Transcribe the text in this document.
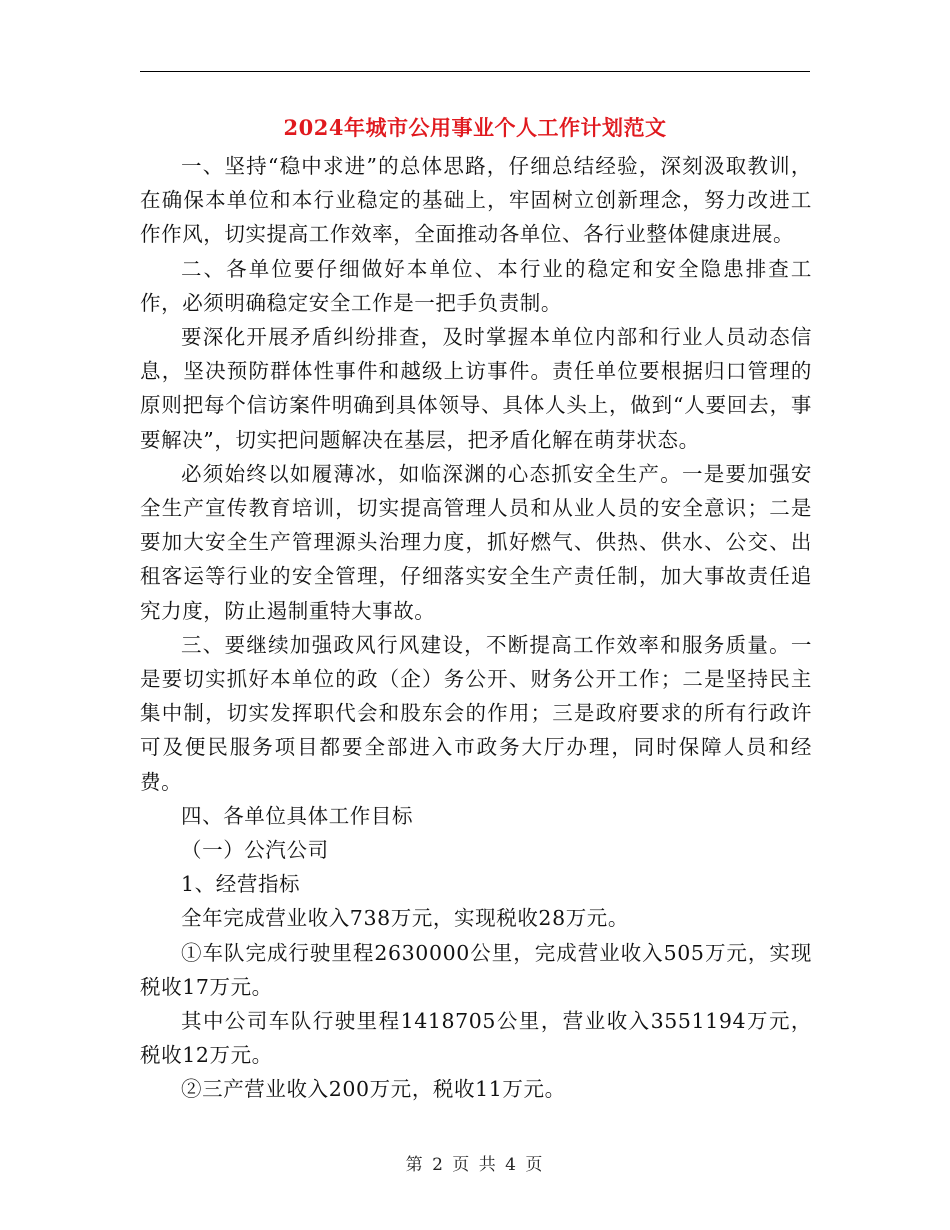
2024年城市公用事业个人工作计划范文

一、坚持“稳中求进”的总体思路，仔细总结经验，深刻汲取教训，在确保本单位和本行业稳定的基础上，牢固树立创新理念，努力改进工作作风，切实提高工作效率，全面推动各单位、各行业整体健康进展。

二、各单位要仔细做好本单位、本行业的稳定和安全隐患排查工作，必须明确稳定安全工作是一把手负责制。

要深化开展矛盾纠纷排查，及时掌握本单位内部和行业人员动态信息，坚决预防群体性事件和越级上访事件。责任单位要根据归口管理的原则把每个信访案件明确到具体领导、具体人头上，做到“人要回去，事要解决”，切实把问题解决在基层，把矛盾化解在萌芽状态。

必须始终以如履薄冰，如临深渊的心态抓安全生产。一是要加强安全生产宣传教育培训，切实提高管理人员和从业人员的安全意识；二是要加大安全生产管理源头治理力度，抓好燃气、供热、供水、公交、出租客运等行业的安全管理，仔细落实安全生产责任制，加大事故责任追究力度，防止遏制重特大事故。

三、要继续加强政风行风建设，不断提高工作效率和服务质量。一是要切实抓好本单位的政（企）务公开、财务公开工作；二是坚持民主集中制，切实发挥职代会和股东会的作用；三是政府要求的所有行政许可及便民服务项目都要全部进入市政务大厅办理，同时保障人员和经费。

四、各单位具体工作目标

（一）公汽公司

1、经营指标

全年完成营业收入738万元，实现税收28万元。

①车队完成行驶里程2630000公里，完成营业收入505万元，实现税收17万元。

其中公司车队行驶里程1418705公里，营业收入3551194万元，税收12万元。

②三产营业收入200万元，税收11万元。

第 2 页 共 4 页
